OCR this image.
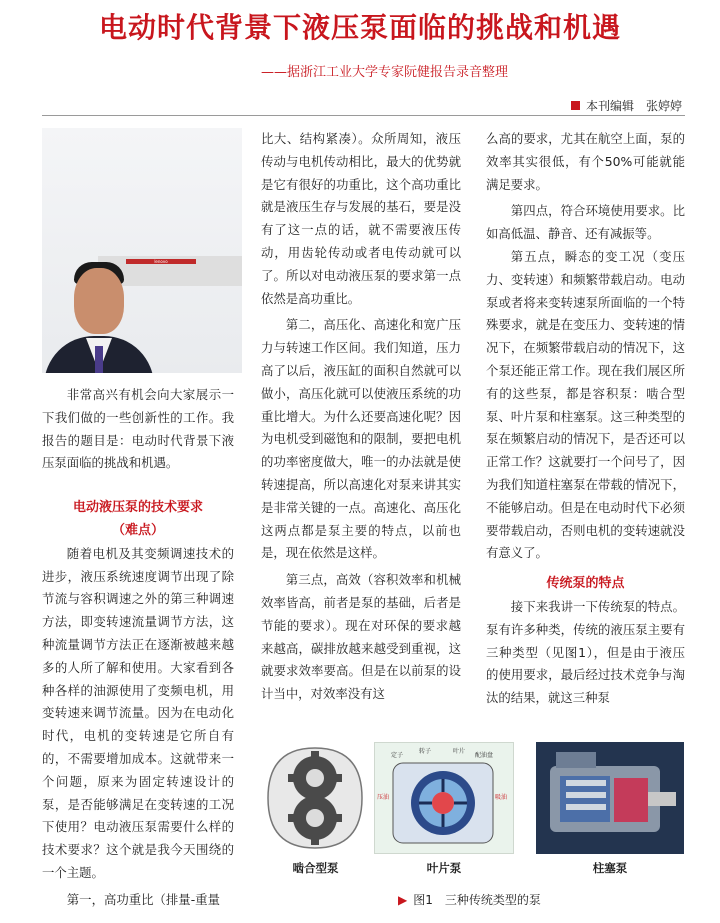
电动时代背景下液压泵面临的挑战和机遇
——据浙江工业大学专家阮健报告录音整理
本刊编辑　张婷婷
lenovo

非常高兴有机会向大家展示一下我们做的一些创新性的工作。我报告的题目是：电动时代背景下液压泵面临的挑战和机遇。

电动液压泵的技术要求

（难点）

随着电机及其变频调速技术的进步，液压系统速度调节出现了除节流与容积调速之外的第三种调速方法，即变转速流量调节方法，这种流量调节方法正在逐渐被越来越多的人所了解和使用。大家看到各种各样的油源使用了变频电机，用变转速来调节流量。因为在电动化时代，电机的变转速是它所自有的，不需要增加成本。这就带来一个问题，原来为固定转速设计的泵，是否能够满足在变转速的工况下使用？电动液压泵需要什么样的技术要求？这个就是我今天围绕的一个主题。

第一，高功重比（排量-重量

比大、结构紧凑）。众所周知，液压传动与电机传动相比，最大的优势就是它有很好的功重比，这个高功重比就是液压生存与发展的基石，要是没有了这一点的话，就不需要液压传动，用齿轮传动或者电传动就可以了。所以对电动液压泵的要求第一点依然是高功重比。

第二，高压化、高速化和宽广压力与转速工作区间。我们知道，压力高了以后，液压缸的面积自然就可以做小，高压化就可以使液压系统的功重比增大。为什么还要高速化呢？因为电机受到磁饱和的限制，要把电机的功率密度做大，唯一的办法就是使转速提高，所以高速化对泵来讲其实是非常关键的一点。高速化、高压化这两点都是泵主要的特点，以前也是，现在依然是这样。

第三点，高效（容积效率和机械效率皆高，前者是泵的基础，后者是节能的要求）。现在对环保的要求越来越高，碳排放越来越受到重视，这就要求效率要高。但是在以前泵的设计当中，对效率没有这

么高的要求，尤其在航空上面，泵的效率其实很低，有个50%可能就能满足要求。

第四点，符合环境使用要求。比如高低温、静音、还有减振等。

第五点，瞬态的变工况（变压力、变转速）和频繁带载启动。电动泵或者将来变转速泵所面临的一个特殊要求，就是在变压力、变转速的情况下，在频繁带载启动的情况下，这个泵还能正常工作。现在我们展区所有的这些泵，都是容积泵：啮合型泵、叶片泵和柱塞泵。这三种类型的泵在频繁启动的情况下，是否还可以正常工作？这就要打一个问号了，因为我们知道柱塞泵在带载的情况下，不能够启动。但是在电动时代下必须要带载启动，否则电机的变转速就没有意义了。

传统泵的特点

接下来我讲一下传统泵的特点。泵有许多种类，传统的液压泵主要有三种类型（见图1），但是由于液压的使用要求，最后经过技术竞争与淘汰的结果，就这三种泵

啮合型泵
定子
转子	叶片
配油盘
压油	吸油
叶片泵	柱塞泵
▶ 图1　三种传统类型的泵
